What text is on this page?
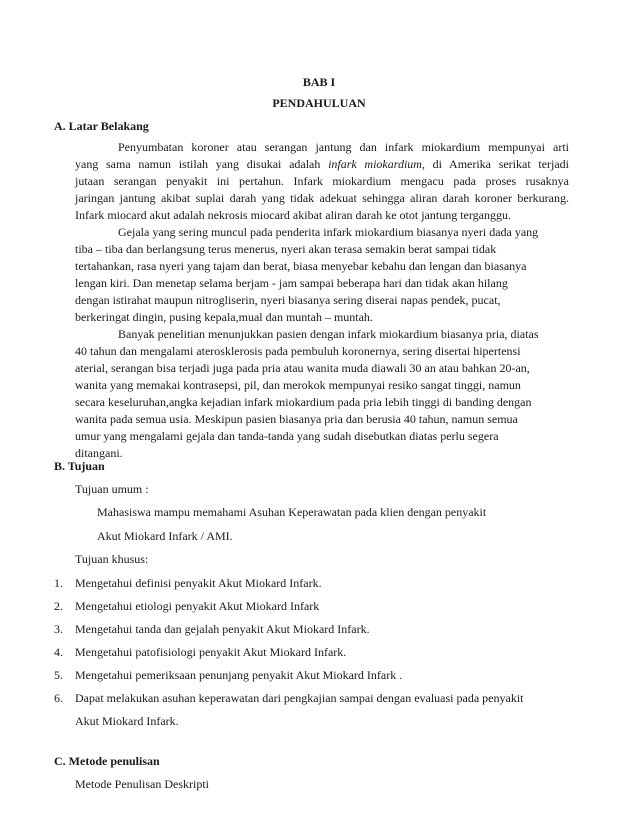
BAB I
PENDAHULUAN
A. Latar Belakang
Penyumbatan koroner atau serangan jantung dan infark miokardium mempunyai arti
yang sama namun istilah yang disukai adalah infark miokardium, di Amerika serikat terjadi
jutaan serangan penyakit ini pertahun. Infark miokardium mengacu pada proses rusaknya
jaringan jantung akibat suplai darah yang tidak adekuat sehingga aliran darah koroner berkurang.
Infark miocard akut adalah nekrosis miocard akibat aliran darah ke otot jantung terganggu.
Gejala yang sering muncul pada penderita infark miokardium biasanya nyeri dada yang
tiba – tiba dan berlangsung terus menerus, nyeri akan terasa semakin berat sampai tidak
tertahankan, rasa nyeri yang tajam dan berat, biasa menyebar kebahu dan lengan dan biasanya
lengan kiri. Dan menetap selama berjam - jam sampai beberapa hari dan tidak akan hilang
dengan istirahat maupun nitrogliserin, nyeri biasanya sering diserai napas pendek, pucat,
berkeringat dingin, pusing kepala,mual dan muntah – muntah.
Banyak penelitian menunjukkan pasien dengan infark miokardium biasanya pria, diatas
40 tahun dan mengalami aterosklerosis pada pembuluh koronernya, sering disertai hipertensi
aterial, serangan bisa terjadi juga pada pria atau wanita muda diawali 30 an atau bahkan 20-an,
wanita yang memakai kontrasepsi, pil, dan merokok mempunyai resiko sangat tinggi, namun
secara keseluruhan,angka kejadian infark miokardium pada pria lebih tinggi di banding dengan
wanita pada semua usia. Meskipun pasien biasanya pria dan berusia 40 tahun, namun semua
umur yang mengalami gejala dan tanda-tanda yang sudah disebutkan diatas perlu segera
ditangani.
B. Tujuan
Tujuan umum :
Mahasiswa mampu memahami Asuhan Keperawatan pada klien dengan penyakit
Akut Miokard Infark / AMI.
Tujuan khusus:
1. Mengetahui definisi penyakit Akut Miokard Infark.
2. Mengetahui etiologi penyakit Akut Miokard Infark
3. Mengetahui tanda dan gejalah penyakit Akut Miokard Infark.
4. Mengetahui patofisiologi penyakit Akut Miokard Infark.
5. Mengetahui pemeriksaan penunjang penyakit Akut Miokard Infark .
6. Dapat melakukan asuhan keperawatan dari pengkajian sampai dengan evaluasi pada penyakit
Akut Miokard Infark.
C. Metode penulisan
Metode Penulisan Deskripti
